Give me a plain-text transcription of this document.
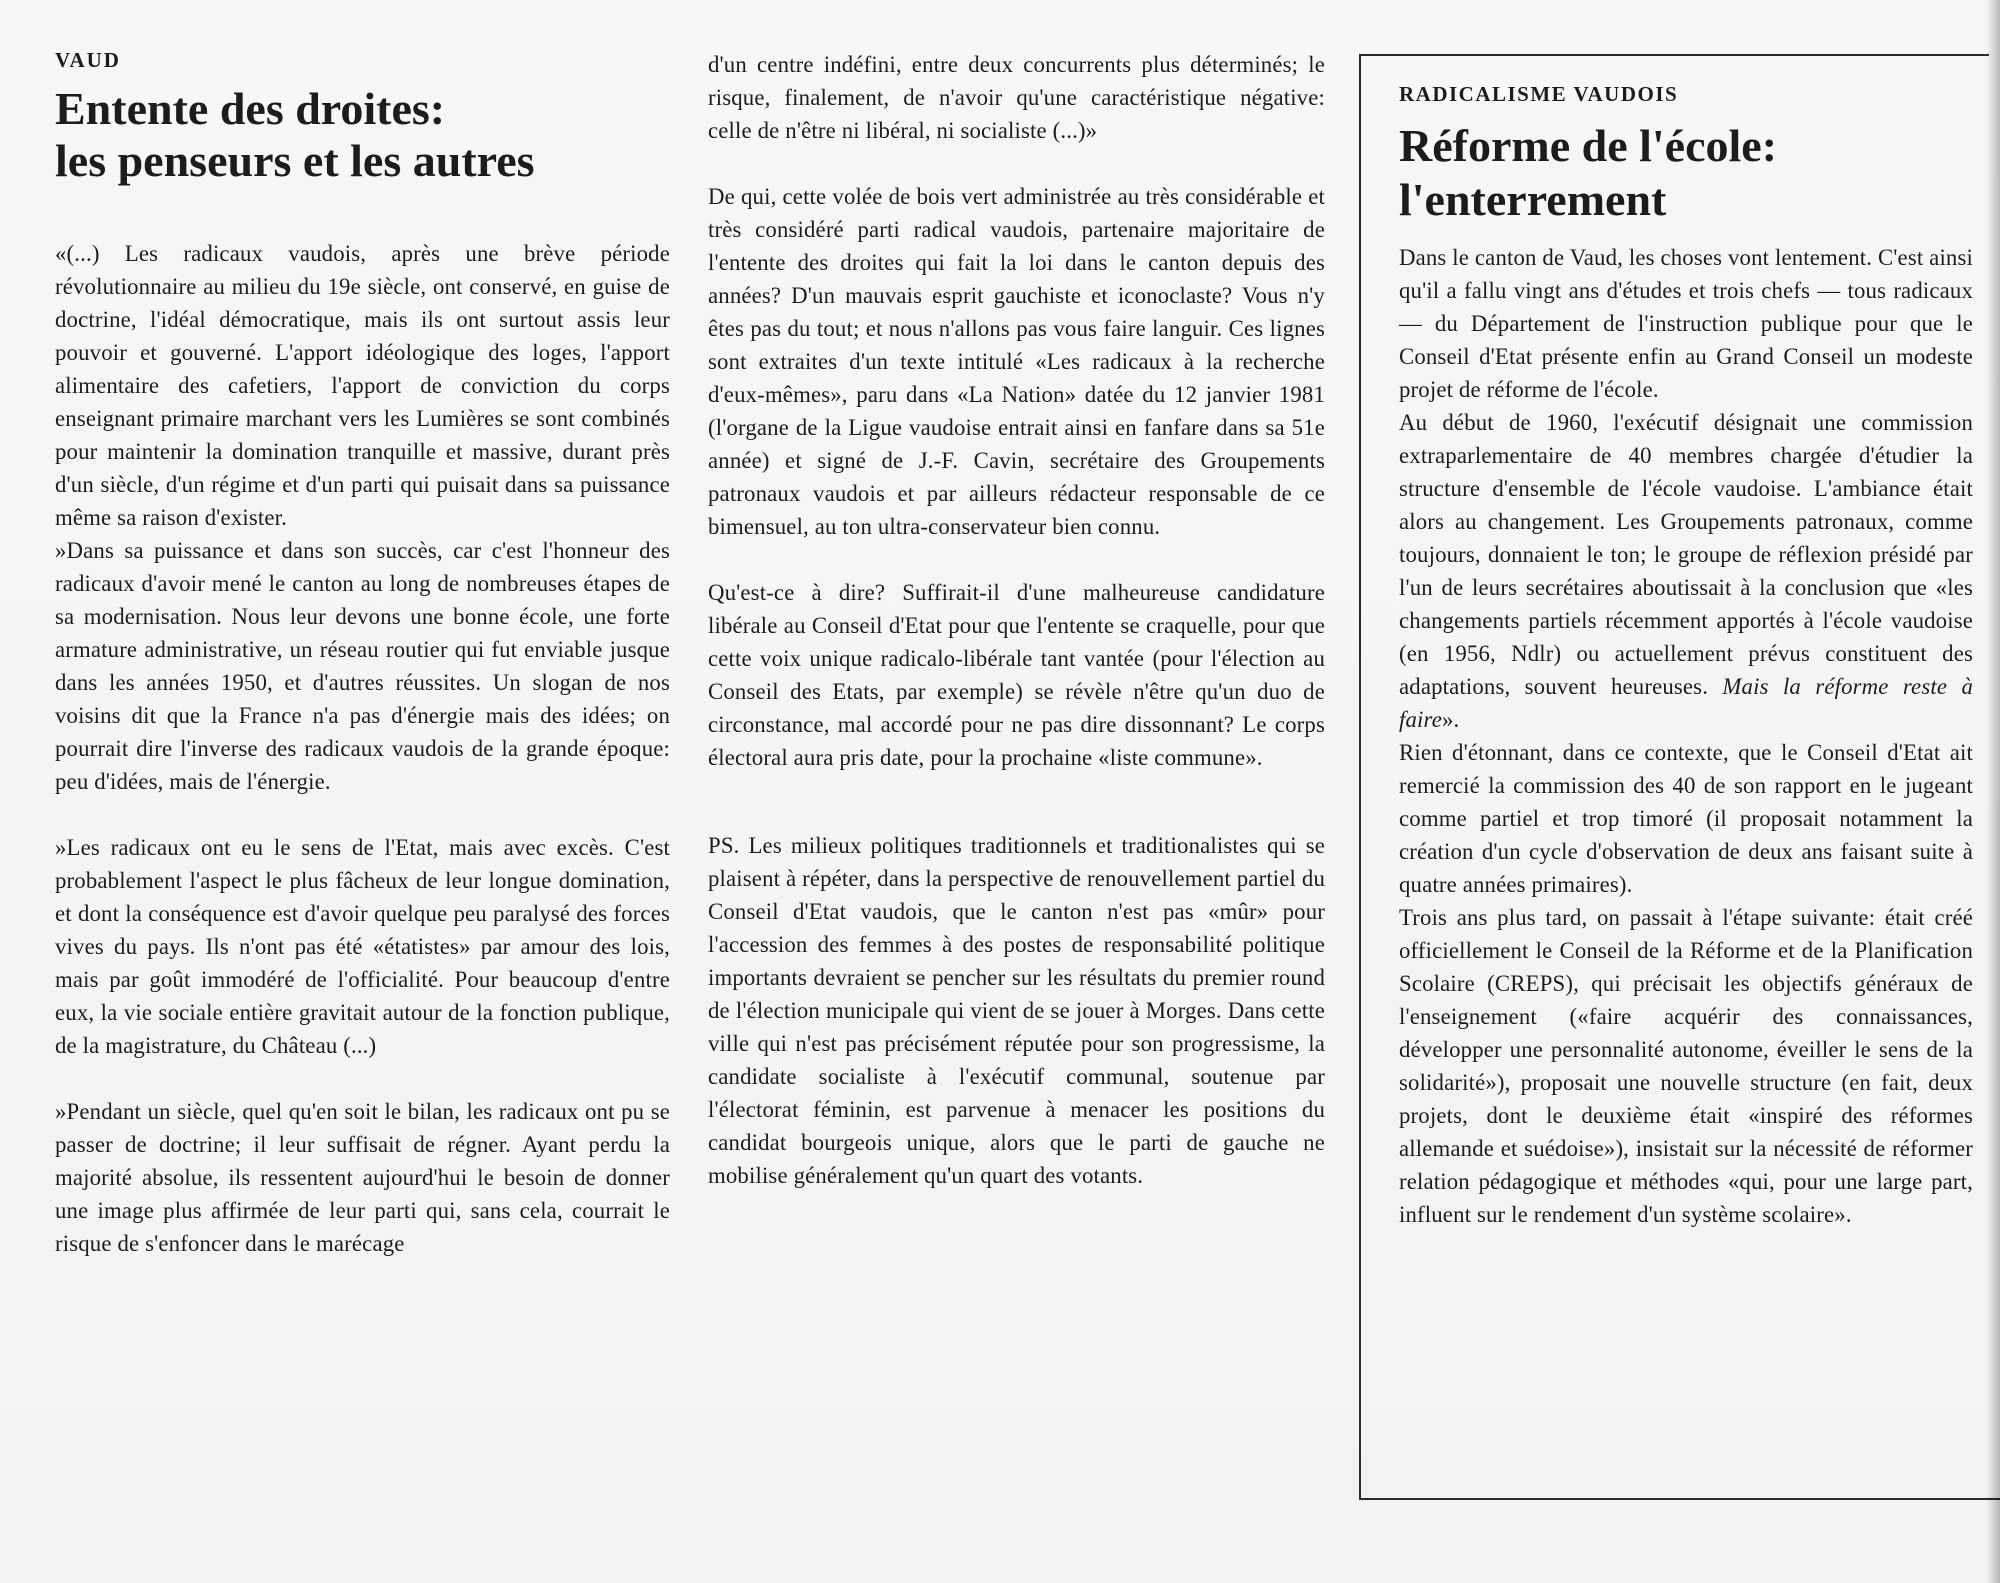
VAUD
Entente des droites:
les penseurs et les autres

«(...) Les radicaux vaudois, après une brève période révolutionnaire au milieu du 19e siècle, ont conservé, en guise de doctrine, l'idéal démocratique, mais ils ont surtout assis leur pouvoir et gouverné. L'apport idéologique des loges, l'apport alimentaire des cafetiers, l'apport de conviction du corps enseignant primaire marchant vers les Lumières se sont combinés pour maintenir la domination tranquille et massive, durant près d'un siècle, d'un régime et d'un parti qui puisait dans sa puissance même sa raison d'exister.

»Dans sa puissance et dans son succès, car c'est l'honneur des radicaux d'avoir mené le canton au long de nombreuses étapes de sa modernisation. Nous leur devons une bonne école, une forte armature administrative, un réseau routier qui fut enviable jusque dans les années 1950, et d'autres réussites. Un slogan de nos voisins dit que la France n'a pas d'énergie mais des idées; on pourrait dire l'inverse des radicaux vaudois de la grande époque: peu d'idées, mais de l'énergie.

»Les radicaux ont eu le sens de l'Etat, mais avec excès. C'est probablement l'aspect le plus fâcheux de leur longue domination, et dont la conséquence est d'avoir quelque peu paralysé des forces vives du pays. Ils n'ont pas été «étatistes» par amour des lois, mais par goût immodéré de l'officialité. Pour beaucoup d'entre eux, la vie sociale entière gravitait autour de la fonction publique, de la magistrature, du Château (...)

»Pendant un siècle, quel qu'en soit le bilan, les radicaux ont pu se passer de doctrine; il leur suffisait de régner. Ayant perdu la majorité absolue, ils ressentent aujourd'hui le besoin de donner une image plus affirmée de leur parti qui, sans cela, courrait le risque de s'enfoncer dans le marécage

d'un centre indéfini, entre deux concurrents plus déterminés; le risque, finalement, de n'avoir qu'une caractéristique négative: celle de n'être ni libéral, ni socialiste (...)»

De qui, cette volée de bois vert administrée au très considérable et très considéré parti radical vaudois, partenaire majoritaire de l'entente des droites qui fait la loi dans le canton depuis des années? D'un mauvais esprit gauchiste et iconoclaste? Vous n'y êtes pas du tout; et nous n'allons pas vous faire languir. Ces lignes sont extraites d'un texte intitulé «Les radicaux à la recherche d'eux-mêmes», paru dans «La Nation» datée du 12 janvier 1981 (l'organe de la Ligue vaudoise entrait ainsi en fanfare dans sa 51e année) et signé de J.-F. Cavin, secrétaire des Groupements patronaux vaudois et par ailleurs rédacteur responsable de ce bimensuel, au ton ultra-conservateur bien connu.

Qu'est-ce à dire? Suffirait-il d'une malheureuse candidature libérale au Conseil d'Etat pour que l'entente se craquelle, pour que cette voix unique radicalo-libérale tant vantée (pour l'élection au Conseil des Etats, par exemple) se révèle n'être qu'un duo de circonstance, mal accordé pour ne pas dire dissonnant? Le corps électoral aura pris date, pour la prochaine «liste commune».

PS. Les milieux politiques traditionnels et traditionalistes qui se plaisent à répéter, dans la perspective de renouvellement partiel du Conseil d'Etat vaudois, que le canton n'est pas «mûr» pour l'accession des femmes à des postes de responsabilité politique importants devraient se pencher sur les résultats du premier round de l'élection municipale qui vient de se jouer à Morges. Dans cette ville qui n'est pas précisément réputée pour son progressisme, la candidate socialiste à l'exécutif communal, soutenue par l'électorat féminin, est parvenue à menacer les positions du candidat bourgeois unique, alors que le parti de gauche ne mobilise généralement qu'un quart des votants.

RADICALISME VAUDOIS
Réforme de l'école:
l'enterrement

Dans le canton de Vaud, les choses vont lentement. C'est ainsi qu'il a fallu vingt ans d'études et trois chefs — tous radicaux — du Département de l'instruction publique pour que le Conseil d'Etat présente enfin au Grand Conseil un modeste projet de réforme de l'école.

Au début de 1960, l'exécutif désignait une commission extraparlementaire de 40 membres chargée d'étudier la structure d'ensemble de l'école vaudoise. L'ambiance était alors au changement. Les Groupements patronaux, comme toujours, donnaient le ton; le groupe de réflexion présidé par l'un de leurs secrétaires aboutissait à la conclusion que «les changements partiels récemment apportés à l'école vaudoise (en 1956, Ndlr) ou actuellement prévus constituent des adaptations, souvent heureuses. Mais la réforme reste à faire».

Rien d'étonnant, dans ce contexte, que le Conseil d'Etat ait remercié la commission des 40 de son rapport en le jugeant comme partiel et trop timoré (il proposait notamment la création d'un cycle d'observation de deux ans faisant suite à quatre années primaires).

Trois ans plus tard, on passait à l'étape suivante: était créé officiellement le Conseil de la Réforme et de la Planification Scolaire (CREPS), qui précisait les objectifs généraux de l'enseignement («faire acquérir des connaissances, développer une personnalité autonome, éveiller le sens de la solidarité»), proposait une nouvelle structure (en fait, deux projets, dont le deuxième était «inspiré des réformes allemande et suédoise»), insistait sur la nécessité de réformer relation pédagogique et méthodes «qui, pour une large part, influent sur le rendement d'un système scolaire».
